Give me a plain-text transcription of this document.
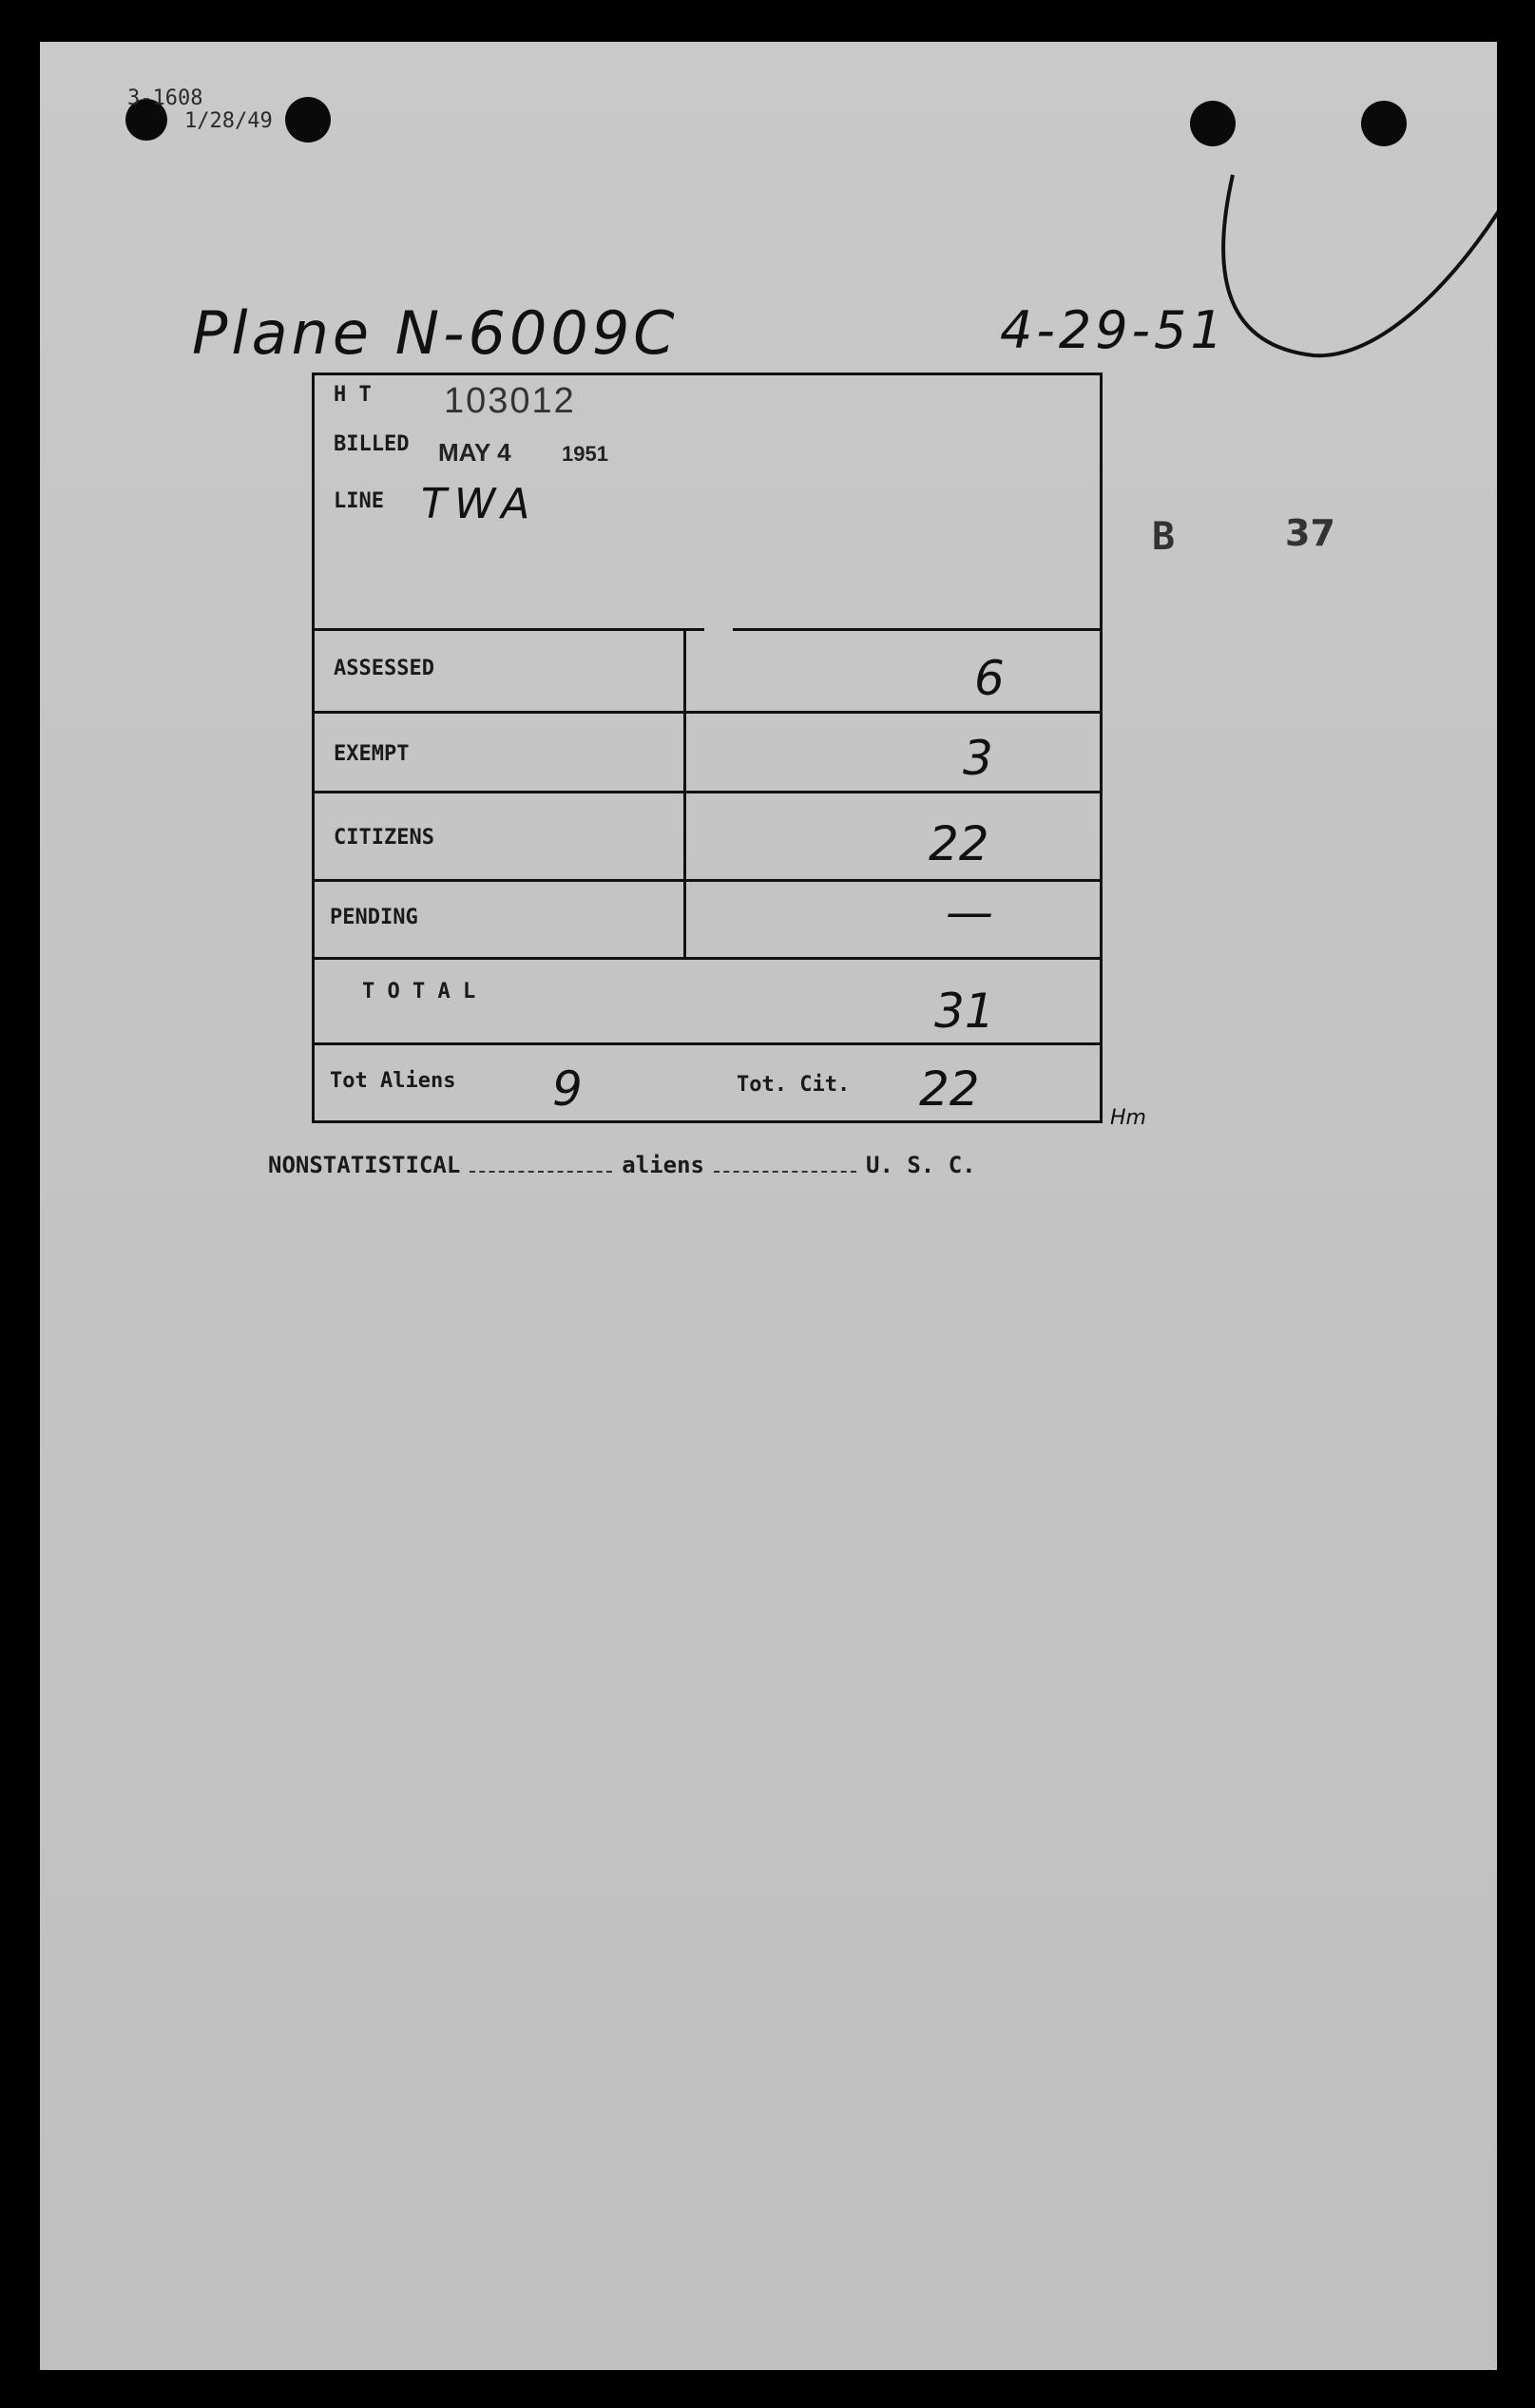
3-1608
1/28/49
Plane N-6009C	4-29-51
B	37
H T 103012
BILLED MAY 4 1951
LINE TWA
ASSESSED	6
EXEMPT	3
CITIZENS	22
PENDING	—
T O T A L	31
Tot Aliens 9	Tot. Cit. 22
Hm
NONSTATISTICAL	aliens	U. S. C.
